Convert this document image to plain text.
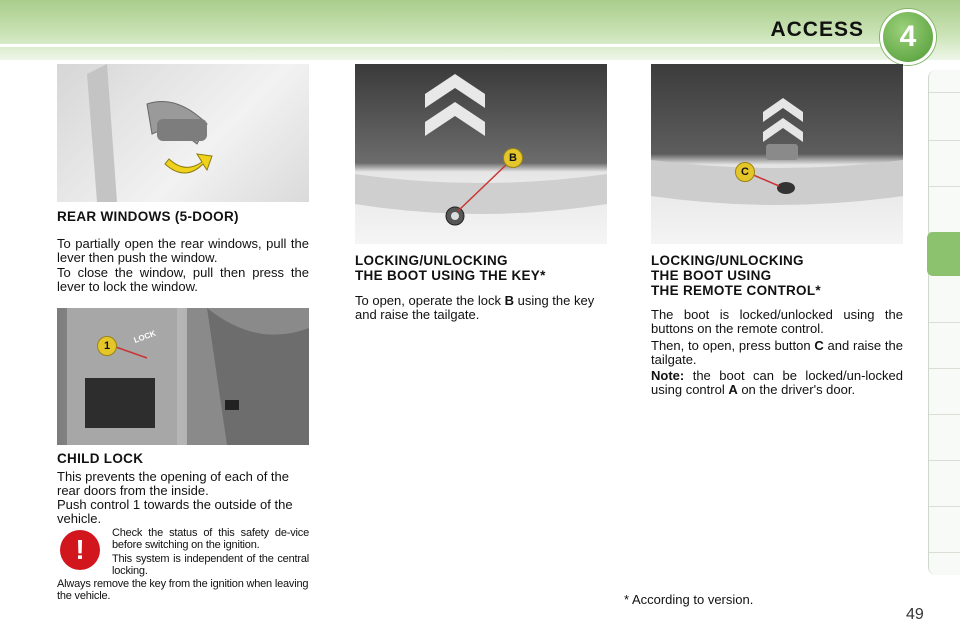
ACCESS	4
REAR WINDOWS (5-DOOR)

To partially open the rear windows, pull the lever then push the window.

To close the window, pull then press the lever to lock the window.

LOCK
1
CHILD LOCK

This prevents the opening of each of the rear doors from the inside.

Push control 1 towards the outside of the vehicle.

!

Check the status of this safety de-vice before switching on the ignition.

This system is independent of the central locking.

Always remove the key from the ignition when leaving the vehicle.

B
LOCKING/UNLOCKING
THE BOOT USING THE KEY*

To open, operate the lock B using the key and raise the tailgate.

C
LOCKING/UNLOCKING
THE BOOT USING
THE REMOTE CONTROL*

The boot is locked/unlocked using the buttons on the remote control.

Then, to open, press button C and raise the tailgate.

Note: the boot can be locked/un-locked using control A on the driver's door.

* According to version.
49
